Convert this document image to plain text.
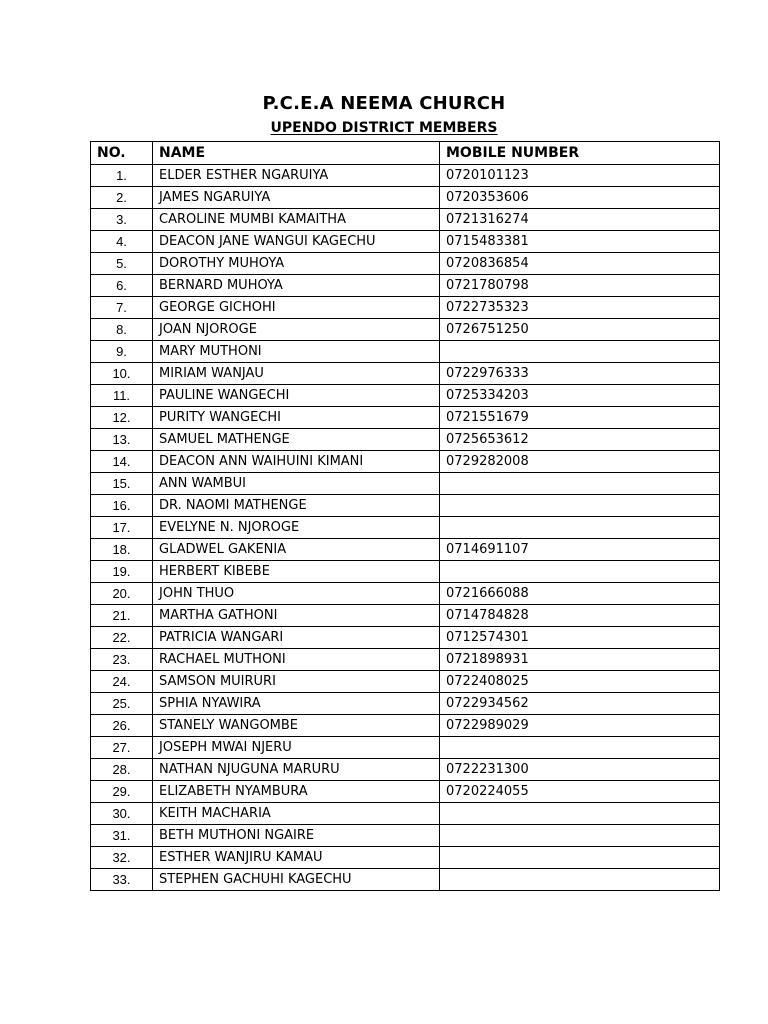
P.C.E.A NEEMA CHURCH
UPENDO DISTRICT MEMBERS
NO.	NAME	MOBILE NUMBER
1.	ELDER ESTHER NGARUIYA	0720101123
2.	JAMES NGARUIYA	0720353606
3.	CAROLINE MUMBI KAMAITHA	0721316274
4.	DEACON JANE WANGUI KAGECHU	0715483381
5.	DOROTHY MUHOYA	0720836854
6.	BERNARD MUHOYA	0721780798
7.	GEORGE GICHOHI	0722735323
8.	JOAN NJOROGE	0726751250
9.	MARY MUTHONI	
10.	MIRIAM WANJAU	0722976333
11.	PAULINE WANGECHI	0725334203
12.	PURITY WANGECHI	0721551679
13.	SAMUEL MATHENGE	0725653612
14.	DEACON ANN WAIHUINI KIMANI	0729282008
15.	ANN WAMBUI	
16.	DR. NAOMI MATHENGE	
17.	EVELYNE N. NJOROGE	
18.	GLADWEL GAKENIA	0714691107
19.	HERBERT KIBEBE	
20.	JOHN THUO	0721666088
21.	MARTHA GATHONI	0714784828
22.	PATRICIA WANGARI	0712574301
23.	RACHAEL MUTHONI	0721898931
24.	SAMSON MUIRURI	0722408025
25.	SPHIA NYAWIRA	0722934562
26.	STANELY WANGOMBE	0722989029
27.	JOSEPH MWAI NJERU	
28.	NATHAN NJUGUNA MARURU	0722231300
29.	ELIZABETH NYAMBURA	0720224055
30.	KEITH MACHARIA	
31.	BETH MUTHONI NGAIRE	
32.	ESTHER WANJIRU KAMAU	
33.	STEPHEN GACHUHI KAGECHU	
